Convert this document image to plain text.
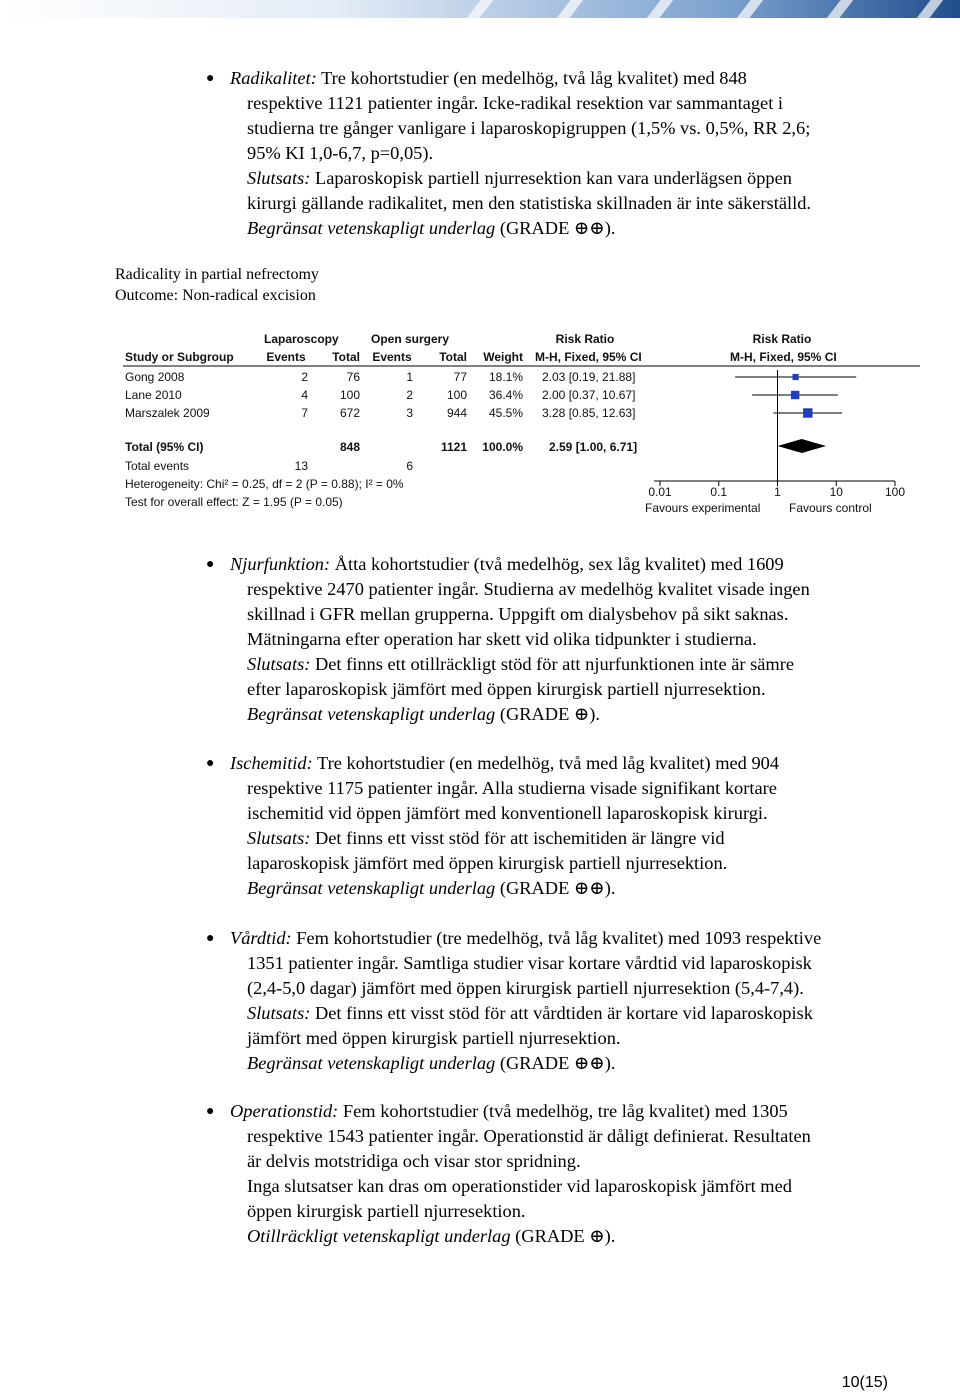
● Radikalitet: Tre kohortstudier (en medelhög, två låg kvalitet) med 848
respektive 1121 patienter ingår. Icke-radikal resektion var sammantaget i
studierna tre gånger vanligare i laparoskopigruppen (1,5% vs. 0,5%, RR 2,6;
95% KI 1,0-6,7, p=0,05).
Slutsats: Laparoskopisk partiell njurresektion kan vara underlägsen öppen
kirurgi gällande radikalitet, men den statistiska skillnaden är inte säkerställd.
Begränsat vetenskapligt underlag (GRADE ⊕⊕).
Radicality in partial nefrectomy
Outcome: Non-radical excision
Laparoscopy	Open surgery	Risk Ratio	Risk Ratio
Study or Subgroup	Events Total Events Total Weight M-H, Fixed, 95% CI	M-H, Fixed, 95% CI
Gong 2008	2	76	1	77 18.1% 2.03 [0.19, 21.88]
Lane 2010	4	100	2	100 36.4% 2.00 [0.37, 10.67]
Marszalek 2009	7	672	3	944 45.5% 3.28 [0.85, 12.63]
Total (95% CI)	848	1121 100.0% 2.59 [1.00, 6.71]
Total events	13	6
Heterogeneity: Chi² = 0.25, df = 2 (P = 0.88); I² = 0%
Test for overall effect: Z = 1.95 (P = 0.05)
0.01	0.1	1	10	100
Favours experimental Favours control
● Njurfunktion: Åtta kohortstudier (två medelhög, sex låg kvalitet) med 1609
respektive 2470 patienter ingår. Studierna av medelhög kvalitet visade ingen
skillnad i GFR mellan grupperna. Uppgift om dialysbehov på sikt saknas.
Mätningarna efter operation har skett vid olika tidpunkter i studierna.
Slutsats: Det finns ett otillräckligt stöd för att njurfunktionen inte är sämre
efter laparoskopisk jämfört med öppen kirurgisk partiell njurresektion.
Begränsat vetenskapligt underlag (GRADE ⊕).
● Ischemitid: Tre kohortstudier (en medelhög, två med låg kvalitet) med 904
respektive 1175 patienter ingår. Alla studierna visade signifikant kortare
ischemitid vid öppen jämfört med konventionell laparoskopisk kirurgi.
Slutsats: Det finns ett visst stöd för att ischemitiden är längre vid
laparoskopisk jämfört med öppen kirurgisk partiell njurresektion.
Begränsat vetenskapligt underlag (GRADE ⊕⊕).
● Vårdtid: Fem kohortstudier (tre medelhög, två låg kvalitet) med 1093 respektive
1351 patienter ingår. Samtliga studier visar kortare vårdtid vid laparoskopisk
(2,4-5,0 dagar) jämfört med öppen kirurgisk partiell njurresektion (5,4-7,4).
Slutsats: Det finns ett visst stöd för att vårdtiden är kortare vid laparoskopisk
jämfört med öppen kirurgisk partiell njurresektion.
Begränsat vetenskapligt underlag (GRADE ⊕⊕).
● Operationstid: Fem kohortstudier (två medelhög, tre låg kvalitet) med 1305
respektive 1543 patienter ingår. Operationstid är dåligt definierat. Resultaten
är delvis motstridiga och visar stor spridning.
Inga slutsatser kan dras om operationstider vid laparoskopisk jämfört med
öppen kirurgisk partiell njurresektion.
Otillräckligt vetenskapligt underlag (GRADE ⊕).
10(15)
